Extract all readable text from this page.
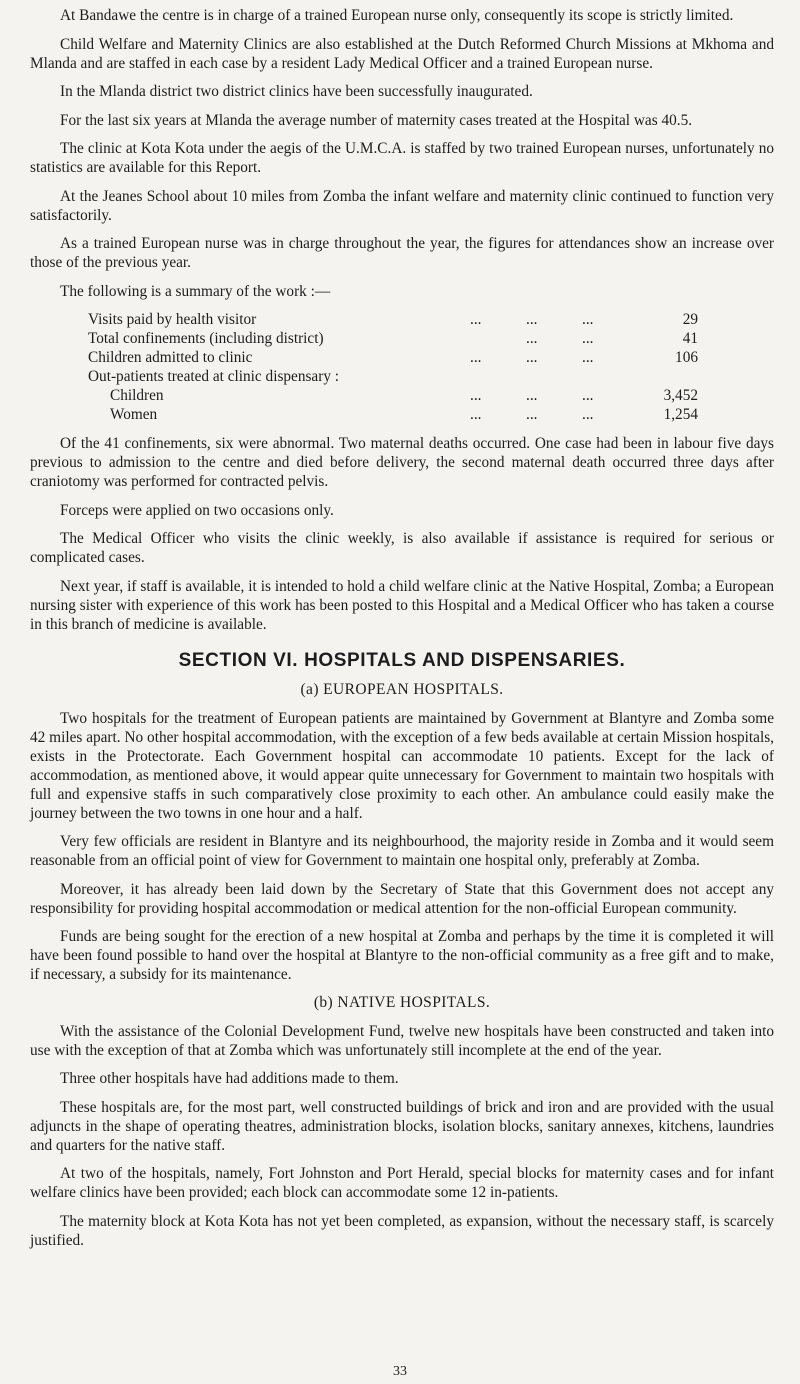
At Bandawe the centre is in charge of a trained European nurse only, consequently its scope is strictly limited.

Child Welfare and Maternity Clinics are also established at the Dutch Reformed Church Missions at Mkhoma and Mlanda and are staffed in each case by a resident Lady Medical Officer and a trained European nurse.

In the Mlanda district two district clinics have been successfully inaugurated.

For the last six years at Mlanda the average number of maternity cases treated at the Hospital was 40.5.

The clinic at Kota Kota under the aegis of the U.M.C.A. is staffed by two trained European nurses, unfortunately no statistics are available for this Report.

At the Jeanes School about 10 miles from Zomba the infant welfare and maternity clinic continued to function very satisfactorily.

As a trained European nurse was in charge throughout the year, the figures for attendances show an increase over those of the previous year.

The following is a summary of the work :—

Visits paid by health visitor	... ... ...	29
Total confinements (including district)	... ...	41
Children admitted to clinic	... ... ...	106
Out-patients treated at clinic dispensary :		
Children	... ... ...	3,452
Women	... ... ...	1,254

Of the 41 confinements, six were abnormal. Two maternal deaths occurred. One case had been in labour five days previous to admission to the centre and died before delivery, the second maternal death occurred three days after craniotomy was performed for contracted pelvis.

Forceps were applied on two occasions only.

The Medical Officer who visits the clinic weekly, is also available if assistance is required for serious or complicated cases.

Next year, if staff is available, it is intended to hold a child welfare clinic at the Native Hospital, Zomba; a European nursing sister with experience of this work has been posted to this Hospital and a Medical Officer who has taken a course in this branch of medicine is available.

SECTION VI. HOSPITALS AND DISPENSARIES.
(a) EUROPEAN HOSPITALS.

Two hospitals for the treatment of European patients are maintained by Government at Blantyre and Zomba some 42 miles apart. No other hospital accommodation, with the exception of a few beds available at certain Mission hospitals, exists in the Protectorate. Each Government hospital can accommodate 10 patients. Except for the lack of accommodation, as mentioned above, it would appear quite unnecessary for Government to maintain two hospitals with full and expensive staffs in such comparatively close proximity to each other. An ambulance could easily make the journey between the two towns in one hour and a half.

Very few officials are resident in Blantyre and its neighbourhood, the majority reside in Zomba and it would seem reasonable from an official point of view for Government to maintain one hospital only, preferably at Zomba.

Moreover, it has already been laid down by the Secretary of State that this Government does not accept any responsibility for providing hospital accommodation or medical attention for the non-official European community.

Funds are being sought for the erection of a new hospital at Zomba and perhaps by the time it is completed it will have been found possible to hand over the hospital at Blantyre to the non-official community as a free gift and to make, if necessary, a subsidy for its maintenance.

(b) NATIVE HOSPITALS.

With the assistance of the Colonial Development Fund, twelve new hospitals have been constructed and taken into use with the exception of that at Zomba which was unfortunately still incomplete at the end of the year.

Three other hospitals have had additions made to them.

These hospitals are, for the most part, well constructed buildings of brick and iron and are provided with the usual adjuncts in the shape of operating theatres, administration blocks, isolation blocks, sanitary annexes, kitchens, laundries and quarters for the native staff.

At two of the hospitals, namely, Fort Johnston and Port Herald, special blocks for maternity cases and for infant welfare clinics have been provided; each block can accommodate some 12 in-patients.

The maternity block at Kota Kota has not yet been completed, as expansion, without the necessary staff, is scarcely justified.

33
